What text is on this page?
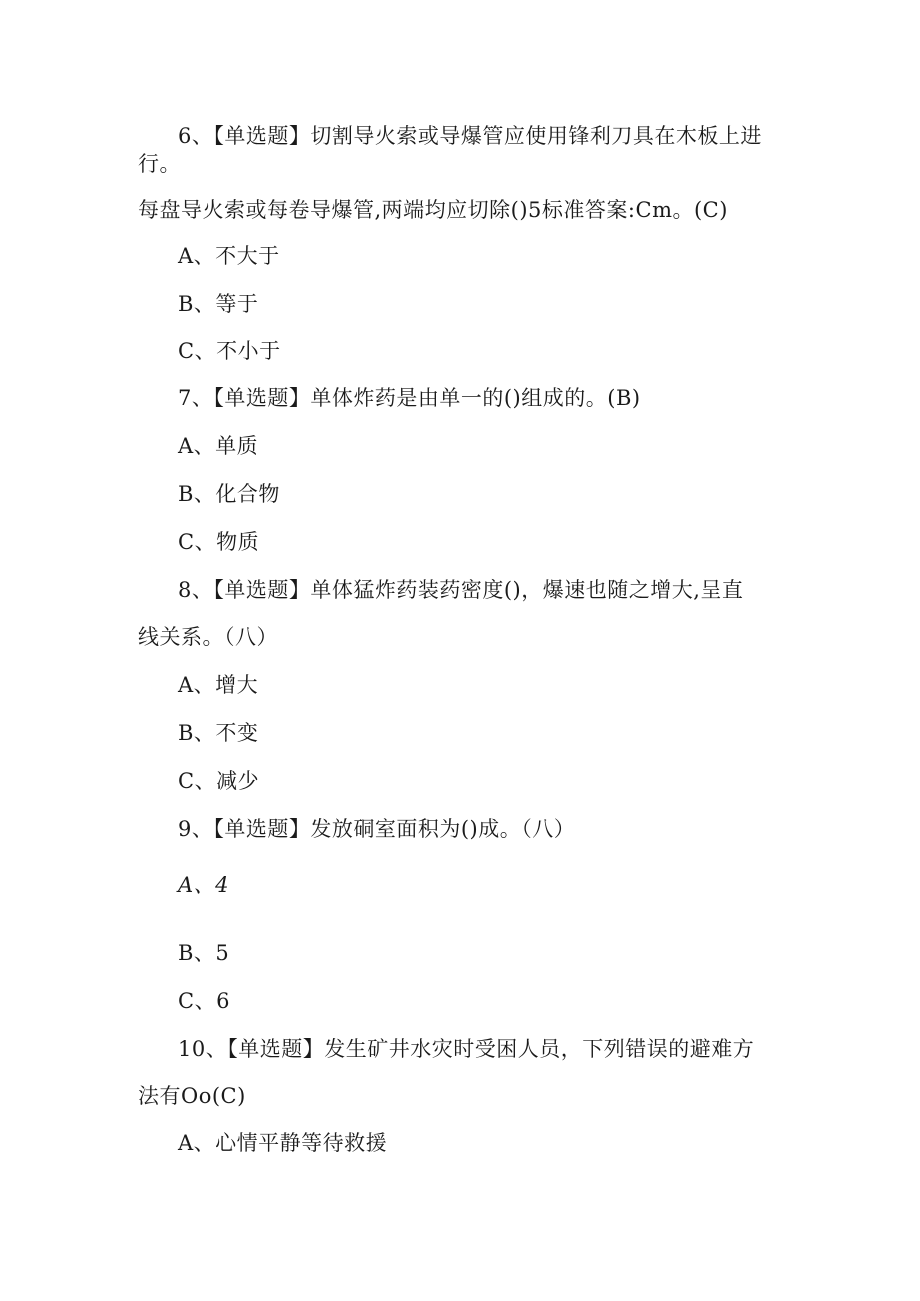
6、【单选题】切割导火索或导爆管应使用锋利刀具在木板上进
行。
每盘导火索或每卷导爆管,两端均应切除()5标准答案:Cm。(C)
A、不大于
B、等于
C、不小于
7、【单选题】单体炸药是由单一的()组成的。(B)
A、单质
B、化合物
C、物质
8、【单选题】单体猛炸药装药密度()，爆速也随之增大,呈直
线关系。（八）
A、增大
B、不变
C、减少
9、【单选题】发放硐室面积为()成。（八）
A、4
B、5
C、6
10、【单选题】发生矿井水灾时受困人员，下列错误的避难方
法有Oo(C)
A、心情平静等待救援
